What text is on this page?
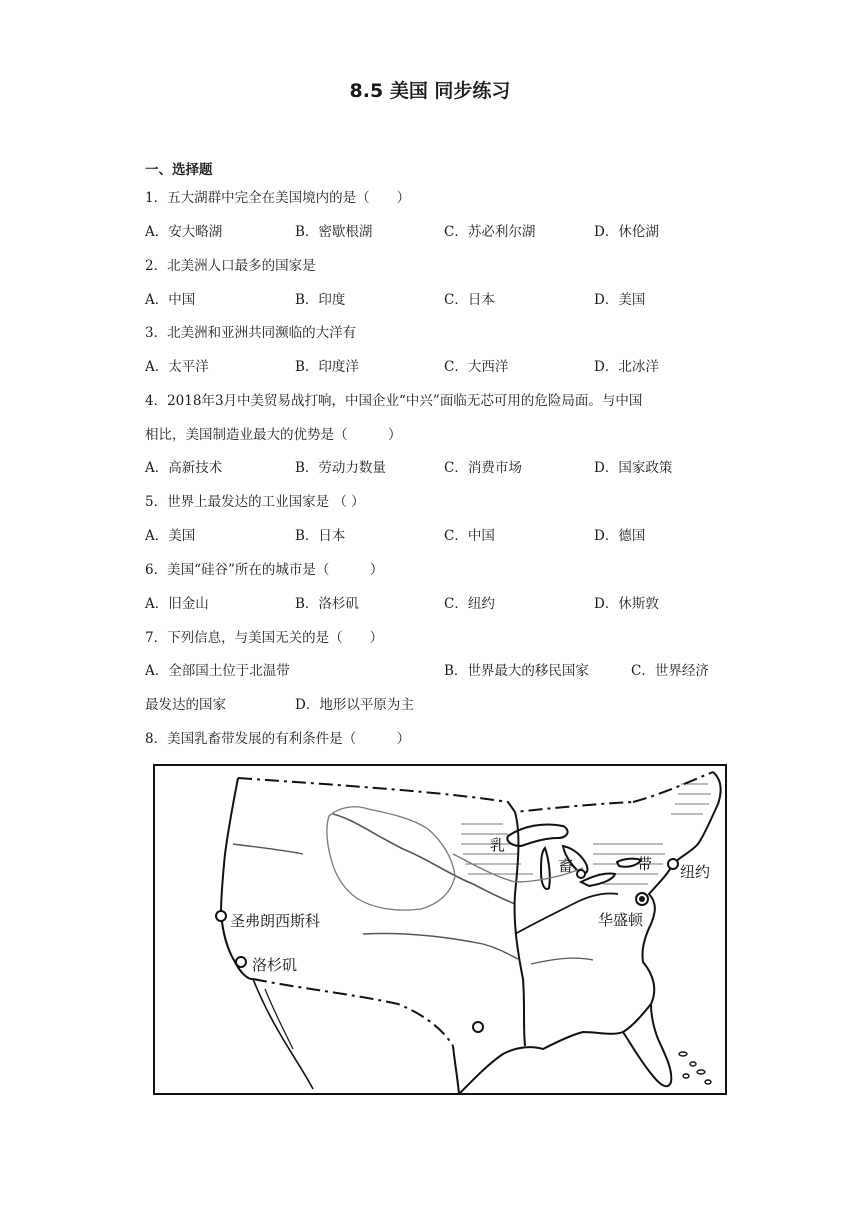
8.5 美国 同步练习
一、选择题
1．五大湖群中完全在美国境内的是（　　）
A．安大略湖	B．密歇根湖	C．苏必利尔湖	D．休伦湖
2．北美洲人口最多的国家是
A．中国	B．印度	C．日本	D．美国
3．北美洲和亚洲共同濒临的大洋有
A．太平洋	B．印度洋	C．大西洋	D．北冰洋
4．2018年3月中美贸易战打响，中国企业“中兴”面临无芯可用的危险局面。与中国
相比，美国制造业最大的优势是（　　　）
A．高新技术	B．劳动力数量	C．消费市场	D．国家政策
5．世界上最发达的工业国家是 （ ）
A．美国	B．日本	C．中国	D．德国
6．美国“硅谷”所在的城市是（　　　）
A．旧金山	B．洛杉矶	C．纽约	D．休斯敦
7．下列信息，与美国无关的是（　　）
A．全部国土位于北温带	B．世界最大的移民国家	C．世界经济
最发达的国家	D．地形以平原为主
8．美国乳畜带发展的有利条件是（　　　）
乳
畜	带 纽约
华盛顿
圣弗朗西斯科
洛杉矶
